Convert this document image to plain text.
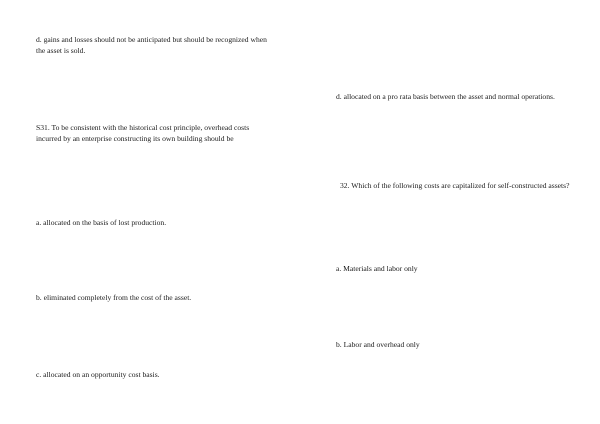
d. gains and losses should not be anticipated but should be recognized when the asset is sold.

S31. To be consistent with the historical cost principle, overhead costs incurred by an enterprise constructing its own building should be

a. allocated on the basis of lost production.

b. eliminated completely from the cost of the asset.

c. allocated on an opportunity cost basis.

d. allocated on a pro rata basis between the asset and normal operations.

32. Which of the following costs are capitalized for self-constructed assets?

a. Materials and labor only

b. Labor and overhead only
